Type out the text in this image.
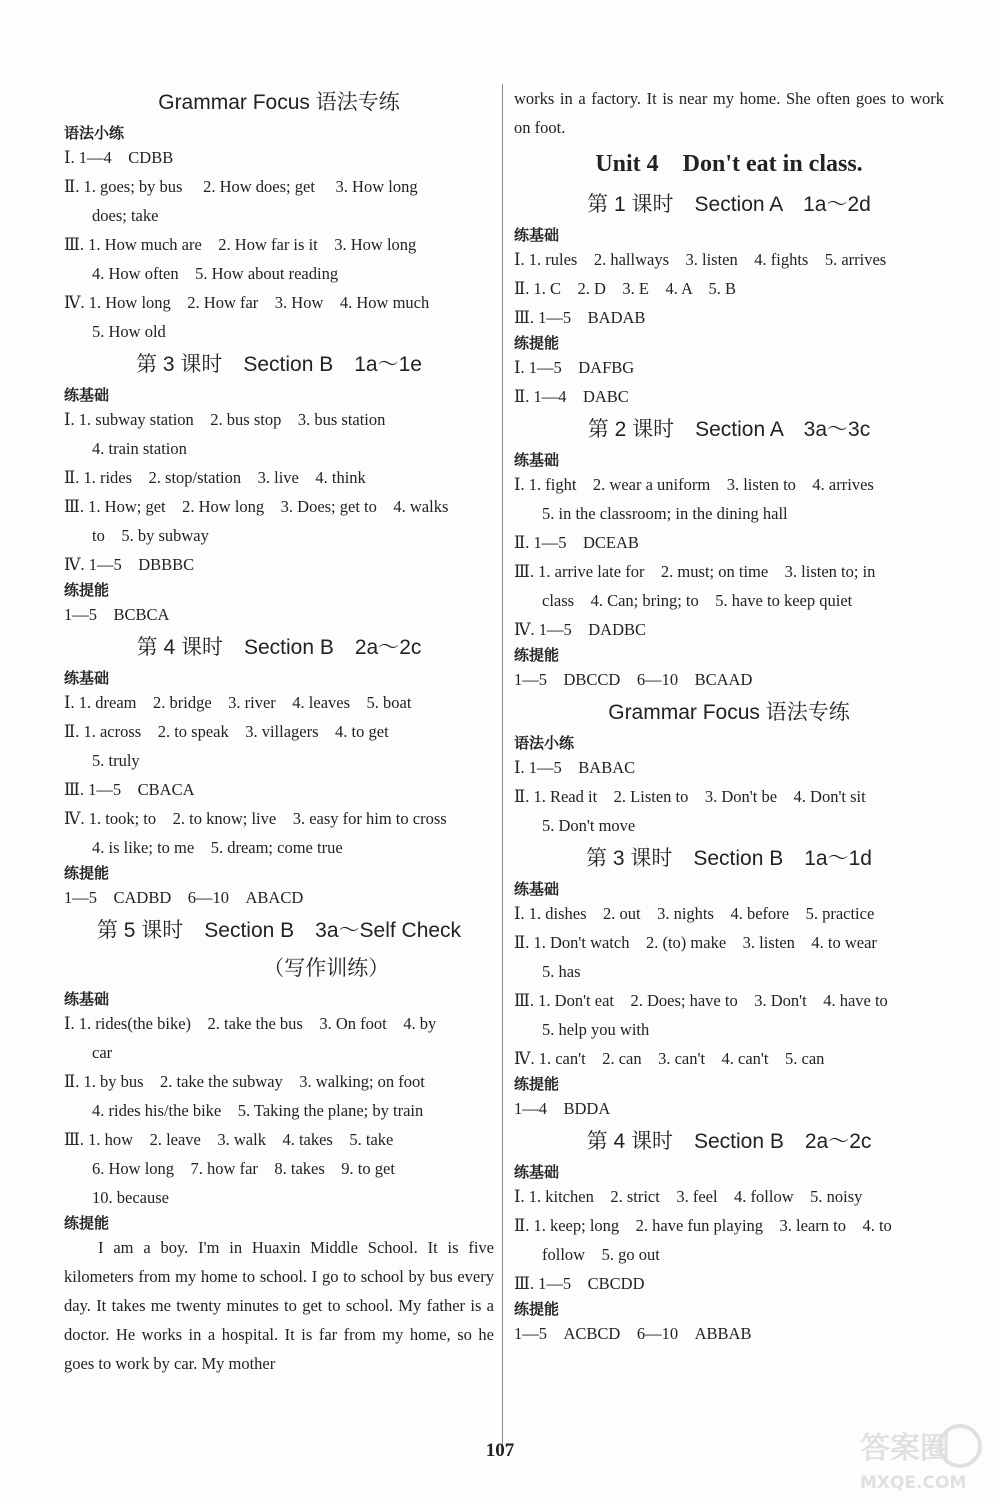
Grammar Focus 语法专练
语法小练
Ⅰ. 1—4　CDBB
Ⅱ. 1. goes; by bus　 2. How does; get　 3. How long
does; take
Ⅲ. 1. How much are　2. How far is it　3. How long
4. How often　5. How about reading
Ⅳ. 1. How long　2. How far　3. How　4. How much
5. How old
第 3 课时　Section B　1a～1e
练基础
Ⅰ. 1. subway station　2. bus stop　3. bus station
4. train station
Ⅱ. 1. rides　2. stop/station　3. live　4. think
Ⅲ. 1. How; get　2. How long　3. Does; get to　4. walks
to　5. by subway
Ⅳ. 1—5　DBBBC
练提能
1—5　BCBCA
第 4 课时　Section B　2a～2c
练基础
Ⅰ. 1. dream　2. bridge　3. river　4. leaves　5. boat
Ⅱ. 1. across　2. to speak　3. villagers　4. to get
5. truly
Ⅲ. 1—5　CBACA
Ⅳ. 1. took; to　2. to know; live　3. easy for him to cross
4. is like; to me　5. dream; come true
练提能
1—5　CADBD　6—10　ABACD
第 5 课时　Section B　3a～Self Check
　　　　　（写作训练）
练基础
Ⅰ. 1. rides(the bike)　2. take the bus　3. On foot　4. by
car
Ⅱ. 1. by bus　2. take the subway　3. walking; on foot
4. rides his/the bike　5. Taking the plane; by train
Ⅲ. 1. how　2. leave　3. walk　4. takes　5. take
6. How long　7. how far　8. takes　9. to get
10. because
练提能
I am a boy. I'm in Huaxin Middle School. It is five kilometers from my home to school. I go to school by bus every day. It takes me twenty minutes to get to school. My father is a doctor. He works in a hospital. It is far from my home, so he goes to work by car. My mother
works in a factory. It is near my home. She often goes to work on foot.
Unit 4　Don't eat in class.
第 1 课时　Section A　1a～2d
练基础
Ⅰ. 1. rules　2. hallways　3. listen　4. fights　5. arrives
Ⅱ. 1. C　2. D　3. E　4. A　5. B
Ⅲ. 1—5　BADAB
练提能
Ⅰ. 1—5　DAFBG
Ⅱ. 1—4　DABC
第 2 课时　Section A　3a～3c
练基础
Ⅰ. 1. fight　2. wear a uniform　3. listen to　4. arrives
5. in the classroom; in the dining hall
Ⅱ. 1—5　DCEAB
Ⅲ. 1. arrive late for　2. must; on time　3. listen to; in
class　4. Can; bring; to　5. have to keep quiet
Ⅳ. 1—5　DADBC
练提能
1—5　DBCCD　6—10　BCAAD
Grammar Focus 语法专练
语法小练
Ⅰ. 1—5　BABAC
Ⅱ. 1. Read it　2. Listen to　3. Don't be　4. Don't sit
5. Don't move
第 3 课时　Section B　1a～1d
练基础
Ⅰ. 1. dishes　2. out　3. nights　4. before　5. practice
Ⅱ. 1. Don't watch　2. (to) make　3. listen　4. to wear
5. has
Ⅲ. 1. Don't eat　2. Does; have to　3. Don't　4. have to
5. help you with
Ⅳ. 1. can't　2. can　3. can't　4. can't　5. can
练提能
1—4　BDDA
第 4 课时　Section B　2a～2c
练基础
Ⅰ. 1. kitchen　2. strict　3. feel　4. follow　5. noisy
Ⅱ. 1. keep; long　2. have fun playing　3. learn to　4. to
follow　5. go out
Ⅲ. 1—5　CBCDD
练提能
1—5　ACBCD　6—10　ABBAB
107	答案圈
MXQE.COM
